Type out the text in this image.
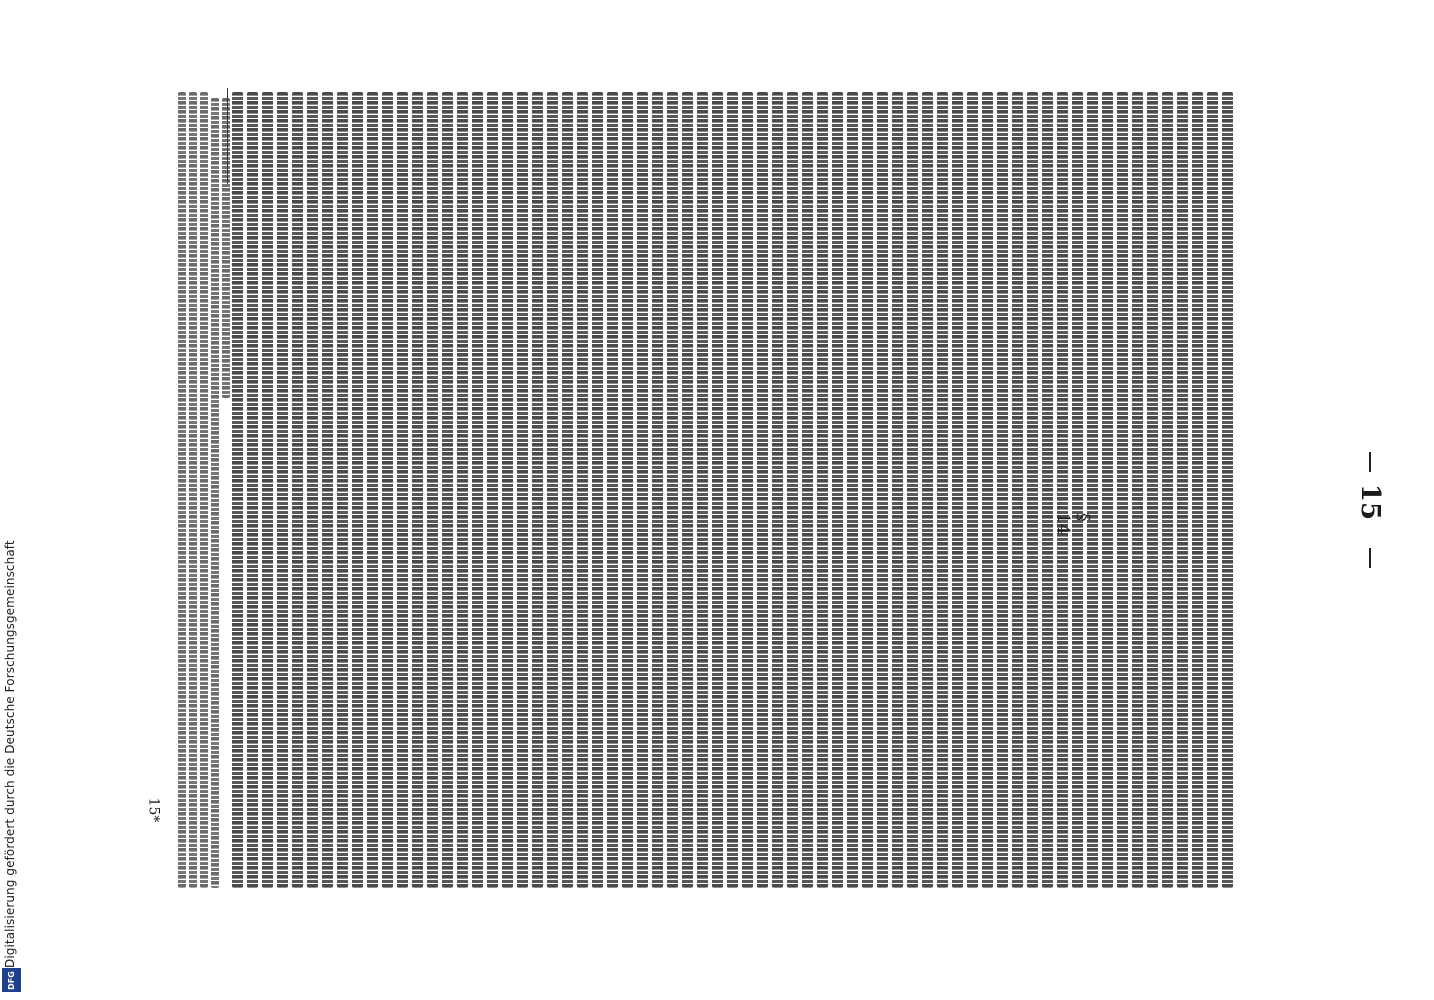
Digitalisierung gefördert durch die Deutsche Forschungsgemeinschaft
DFG
15
§ 14
15*
